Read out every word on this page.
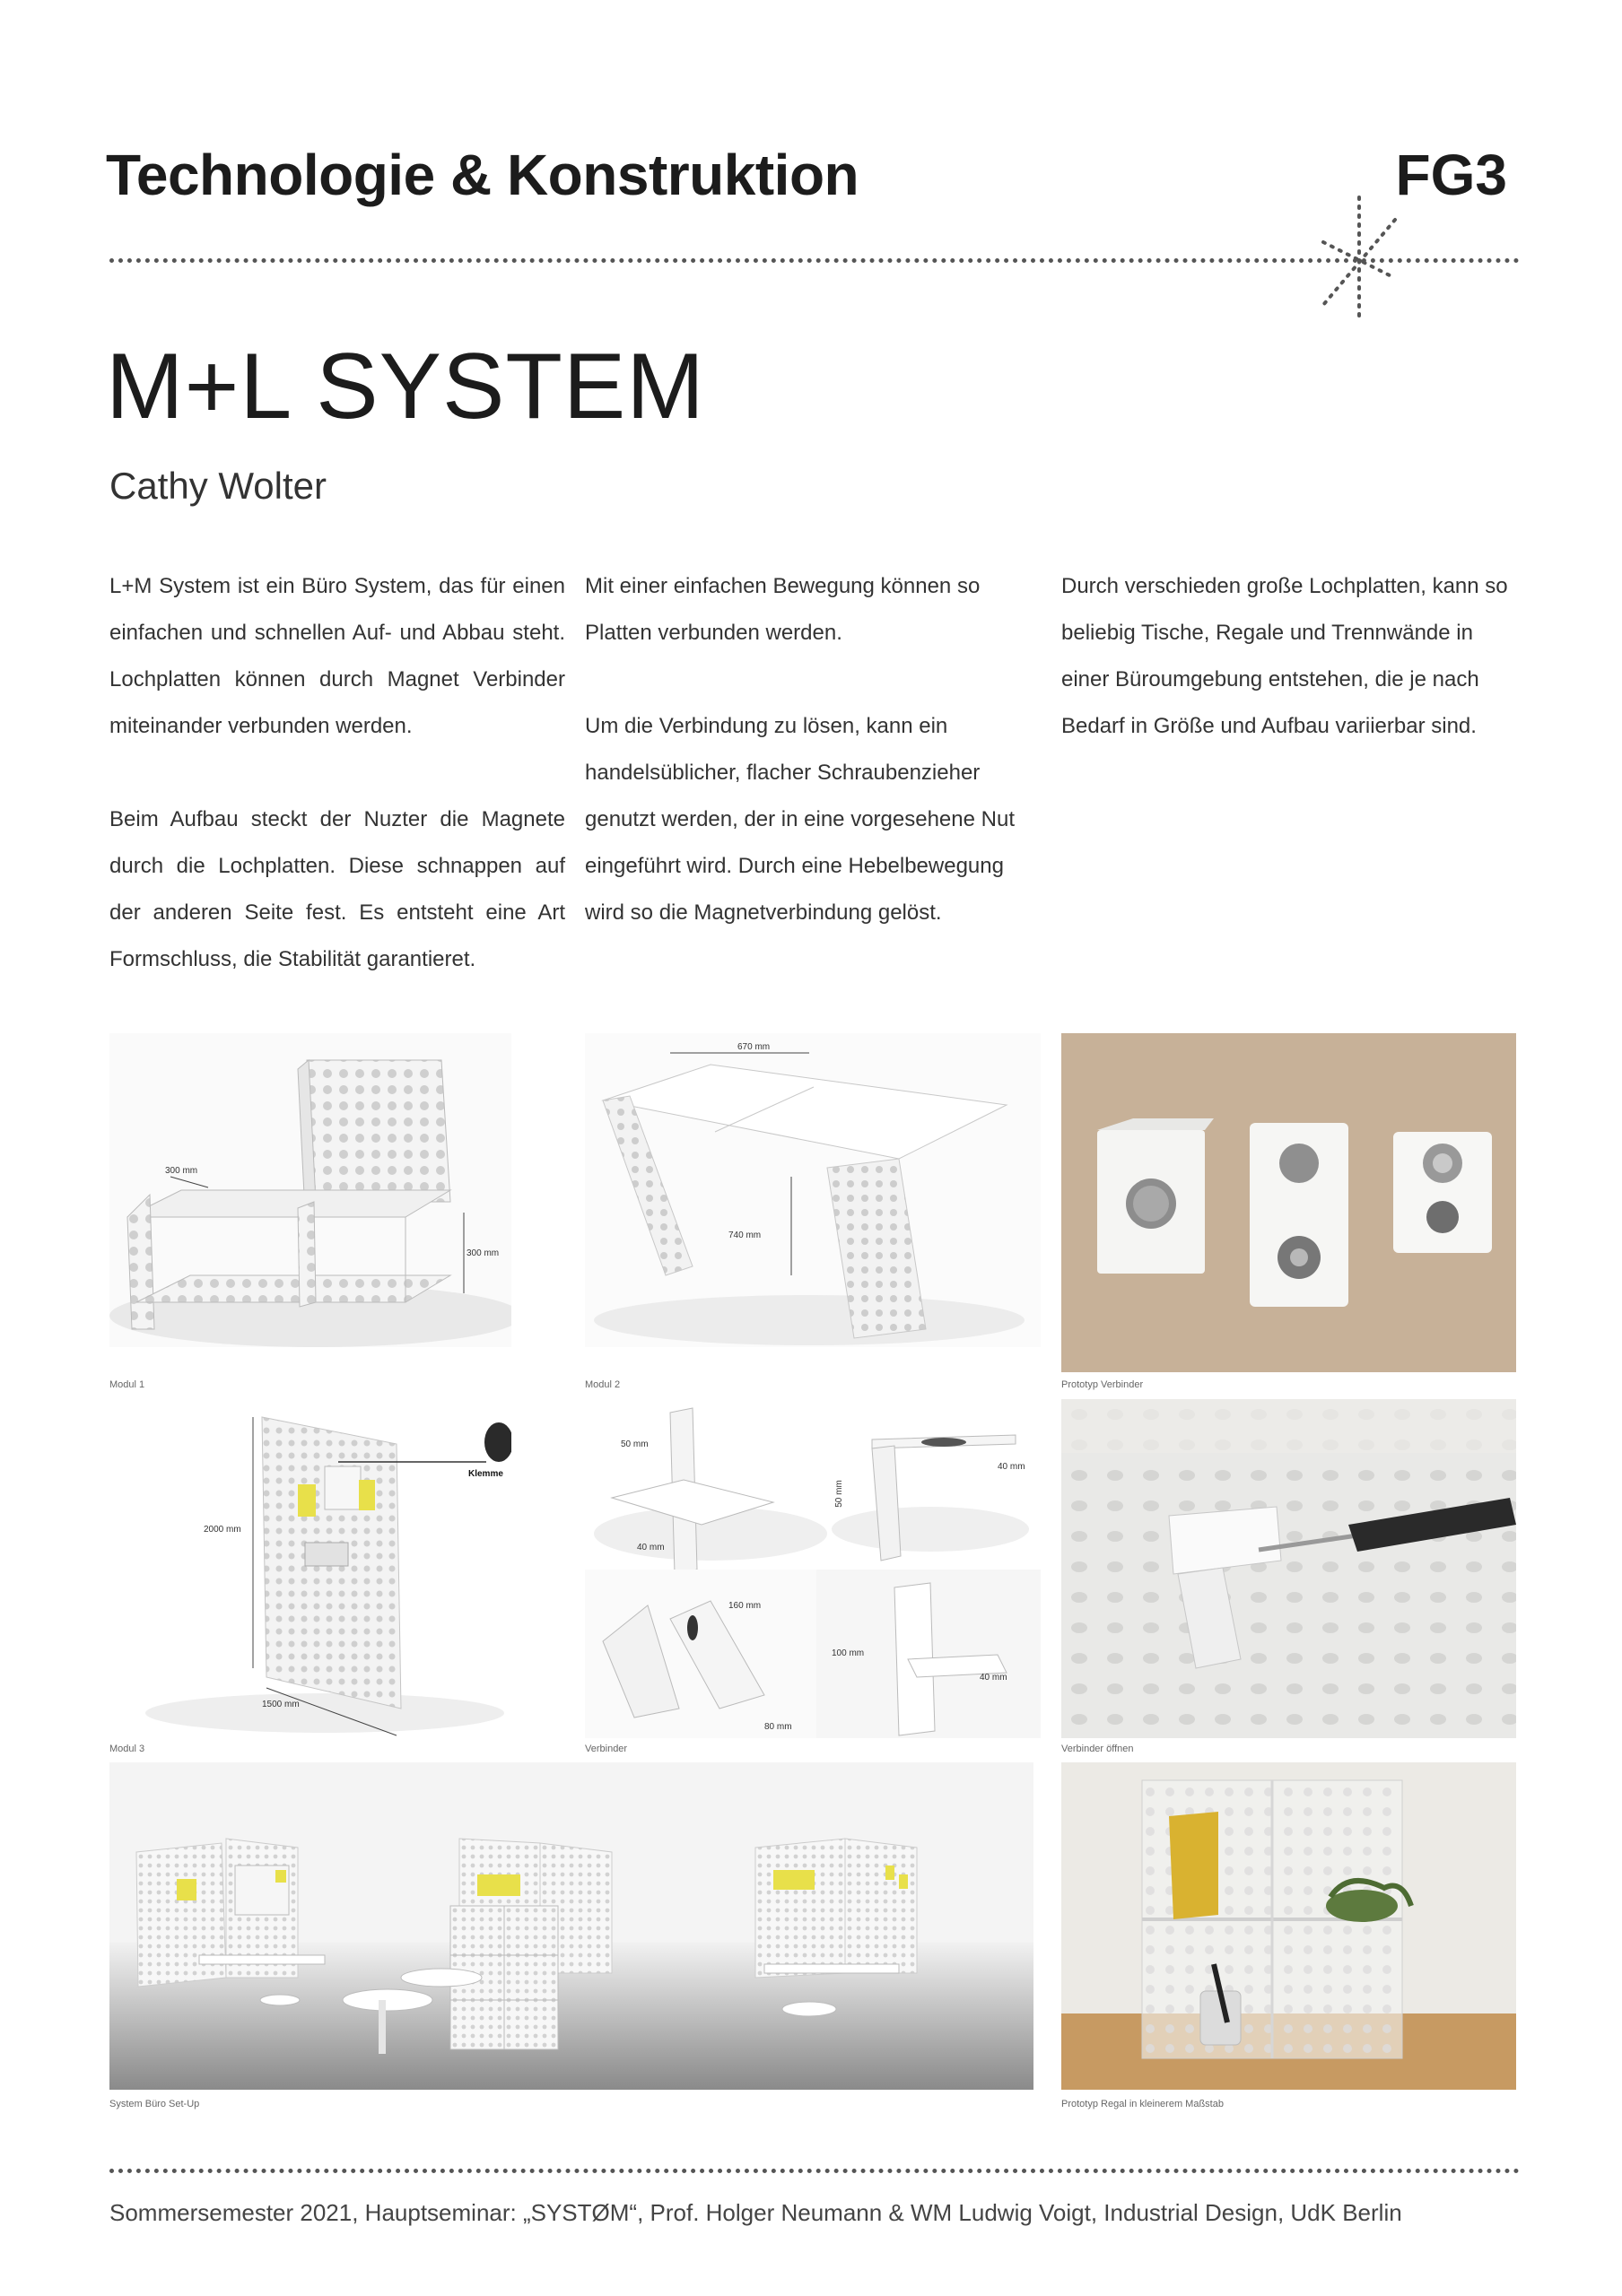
Technologie & Konstruktion	FG3
M+L SYSTEM
Cathy Wolter

L+M System ist ein Büro System, das für einen einfachen und schnellen Auf- und Abbau steht. Lochplatten können durch Magnet Verbinder miteinander verbunden werden.

Beim Aufbau steckt der Nuzter die Magnete durch die Lochplatten. Diese schnappen auf der anderen Seite fest. Es entsteht eine Art Formschluss, die Stabilität garantieret.

Mit einer einfachen Bewegung können so Platten verbunden werden.

Um die Verbindung zu lösen, kann ein handelsüblicher, flacher Schraubenzieher genutzt werden, der in eine vorgesehene Nut eingeführt wird. Durch eine Hebelbewegung wird so die Magnetverbindung gelöst.

Durch verschieden große Lochplatten, kann so beliebig Tische, Regale und Trennwände in einer Büroumgebung entstehen, die je nach Bedarf in Größe und Aufbau variierbar sind.

300 mm
300 mm
Modul 1
670 mm
740 mm
Modul 2	Prototyp Verbinder
2000 mm
1500 mm
Klemme
Modul 3
50 mm
40 mm
50 mm
40 mm
160 mm
80 mm
100 mm
40 mm
Verbinder	Verbinder öffnen
System Büro Set-Up	Prototyp Regal in kleinerem Maßstab
Sommersemester 2021, Hauptseminar: „SYSTØM“, Prof. Holger Neumann & WM Ludwig Voigt, Industrial Design, UdK Berlin
